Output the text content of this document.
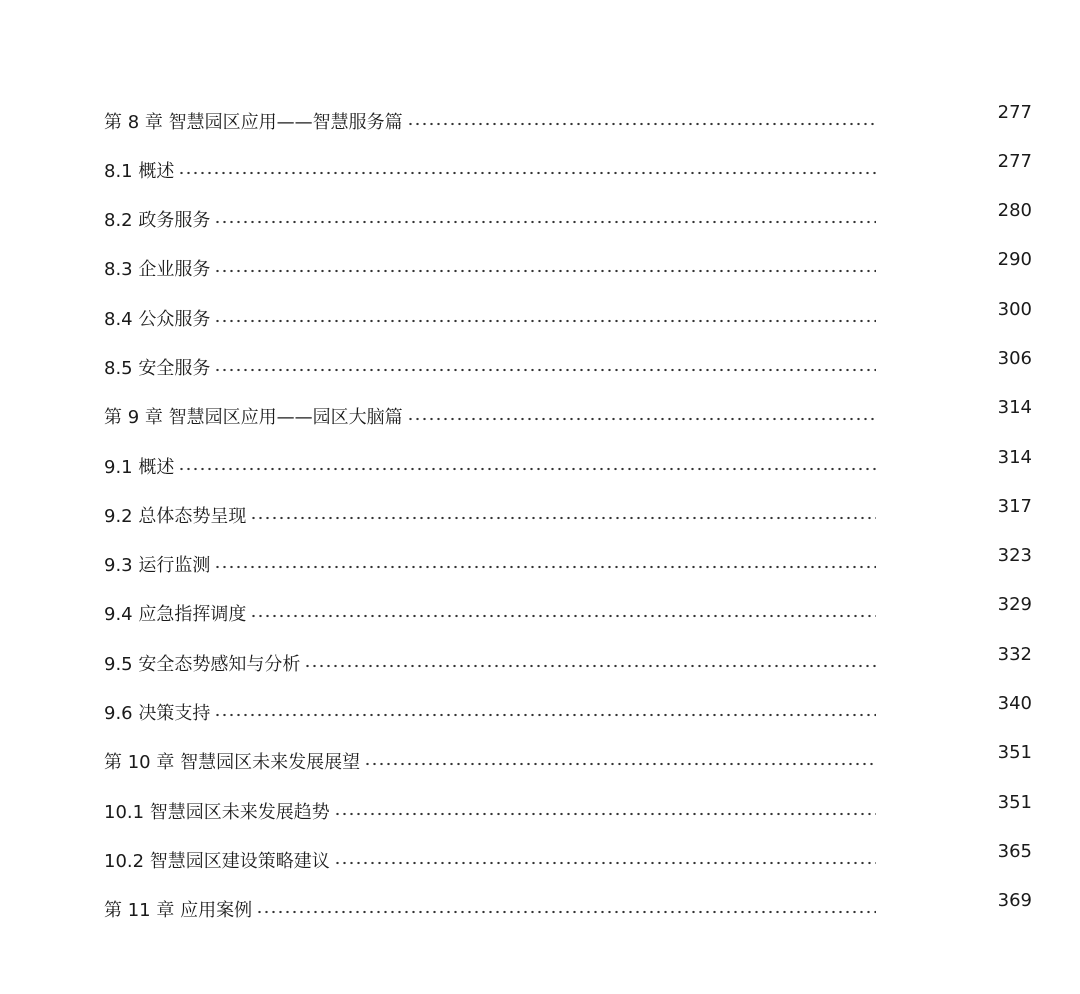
第 8 章 智慧园区应用——智慧服务篇	277
8.1 概述	277
8.2 政务服务	280
8.3 企业服务	290
8.4 公众服务	300
8.5 安全服务	306
第 9 章 智慧园区应用——园区大脑篇	314
9.1 概述	314
9.2 总体态势呈现	317
9.3 运行监测	323
9.4 应急指挥调度	329
9.5 安全态势感知与分析	332
9.6 决策支持	340
第 10 章 智慧园区未来发展展望	351
10.1 智慧园区未来发展趋势	351
10.2 智慧园区建设策略建议	365
第 11 章 应用案例	369
